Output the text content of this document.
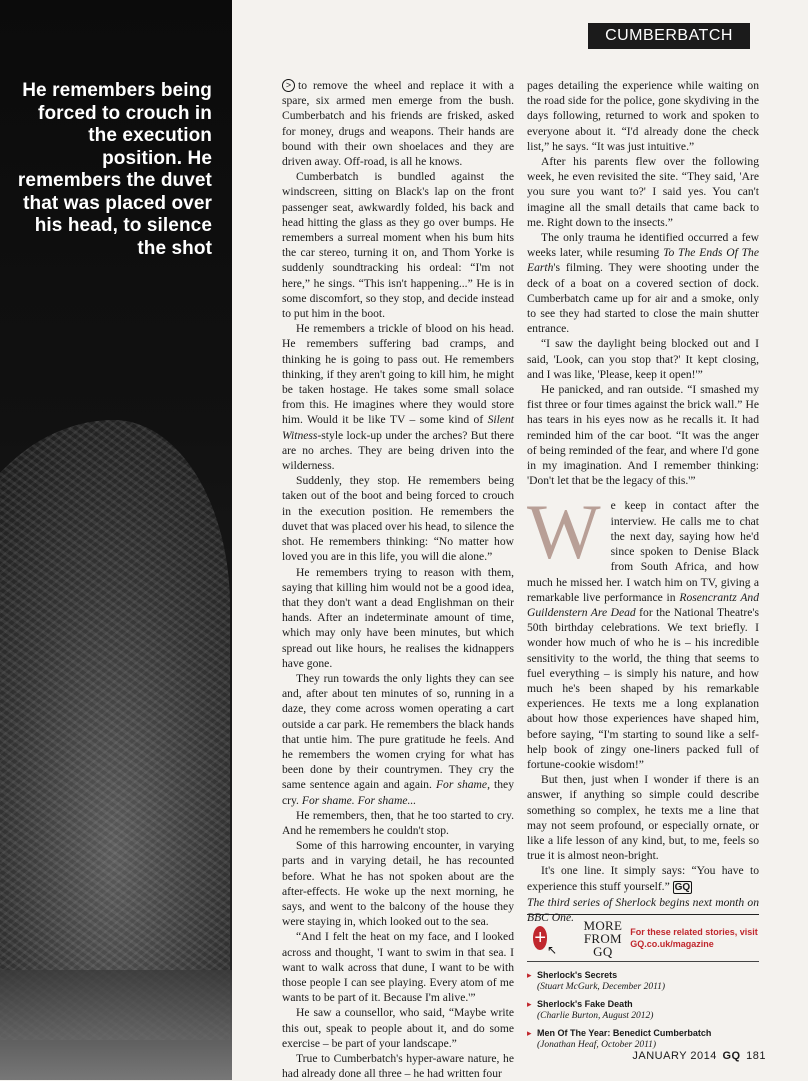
He remembers being forced to crouch in the execution position. He remembers the duvet that was placed over his head, to silence the shot
CUMBERBATCH

> to remove the wheel and replace it with a spare, six armed men emerge from the bush. Cumberbatch and his friends are frisked, asked for money, drugs and weapons. Their hands are bound with their own shoelaces and they are driven away. Off-road, is all he knows.

Cumberbatch is bundled against the windscreen, sitting on Black's lap on the front passenger seat, awkwardly folded, his back and head hitting the glass as they go over bumps. He remembers a surreal moment when his bum hits the car stereo, turning it on, and Thom Yorke is suddenly soundtracking his ordeal: “I'm not here,” he sings. “This isn't happening...” He is in some discomfort, so they stop, and decide instead to put him in the boot.

He remembers a trickle of blood on his head. He remembers suffering bad cramps, and thinking he is going to pass out. He remembers thinking, if they aren't going to kill him, he might be taken hostage. He takes some small solace from this. He imagines where they would store him. Would it be like TV – some kind of Silent Witness-style lock-up under the arches? But there are no arches. They are being driven into the wilderness.

Suddenly, they stop. He remembers being taken out of the boot and being forced to crouch in the execution position. He remembers the duvet that was placed over his head, to silence the shot. He remembers thinking: “No matter how loved you are in this life, you will die alone.”

He remembers trying to reason with them, saying that killing him would not be a good idea, that they don't want a dead Englishman on their hands. After an indeterminate amount of time, which may only have been minutes, but which spread out like hours, he realises the kidnappers have gone.

They run towards the only lights they can see and, after about ten minutes of so, running in a daze, they come across women operating a cart outside a car park. He remembers the black hands that untie him. The pure gratitude he feels. And he remembers the women crying for what has been done by their countrymen. They cry the same sentence again and again. For shame, they cry. For shame. For shame...

He remembers, then, that he too started to cry. And he remembers he couldn't stop.

Some of this harrowing encounter, in varying parts and in varying detail, he has recounted before. What he has not spoken about are the after-effects. He woke up the next morning, he says, and went to the balcony of the house they were staying in, which looked out to the sea.

“And I felt the heat on my face, and I looked across and thought, 'I want to swim in that sea. I want to walk across that dune, I want to be with those people I can see playing. Every atom of me wants to be part of it. Because I'm alive.'”

He saw a counsellor, who said, “Maybe write this out, speak to people about it, and do some exercise – be part of your landscape.”

True to Cumberbatch's hyper-aware nature, he had already done all three – he had written four

pages detailing the experience while waiting on the road side for the police, gone skydiving in the days following, returned to work and spoken to everyone about it. “I'd already done the check list,” he says. “It was just intuitive.”

After his parents flew over the following week, he even revisited the site. “They said, 'Are you sure you want to?' I said yes. You can't imagine all the small details that came back to me. Right down to the insects.”

The only trauma he identified occurred a few weeks later, while resuming To The Ends Of The Earth's filming. They were shooting under the deck of a boat on a covered section of dock. Cumberbatch came up for air and a smoke, only to see they had started to close the main shutter entrance.

“I saw the daylight being blocked out and I said, 'Look, can you stop that?' It kept closing, and I was like, 'Please, keep it open!'”

He panicked, and ran outside. “I smashed my fist three or four times against the brick wall.” He has tears in his eyes now as he recalls it. It had reminded him of the car boot. “It was the anger of being reminded of the fear, and where I'd gone in my imagination. And I remember thinking: 'Don't let that be the legacy of this.'”

We keep in contact after the interview. He calls me to chat the next day, saying how he'd since spoken to Denise Black from South Africa, and how much he missed her. I watch him on TV, giving a remarkable live performance in Rosencrantz And Guildenstern Are Dead for the National Theatre's 50th birthday celebrations. We text briefly. I wonder how much of who he is – his incredible sensitivity to the world, the thing that seems to fuel everything – is simply his nature, and how much he's been shaped by his remarkable experiences. He texts me a long explanation about how those experiences have shaped him, before saying, “I'm starting to sound like a self-help book of zingy one-liners packed full of fortune-cookie wisdom!”

But then, just when I wonder if there is an answer, if anything so simple could describe something so complex, he texts me a line that may not seem profound, or especially ornate, or like a life lesson of any kind, but, to me, feels so true it is almost neon-bright.

It's one line. It simply says: “You have to experience this stuff yourself.” GQ

The third series of Sherlock begins next month on BBC One.

+
↖
MORE FROM GQ
For these related stories, visit GQ.co.uk/magazine
▸ Sherlock's Secrets
(Stuart McGurk, December 2011)
▸ Sherlock's Fake Death
(Charlie Burton, August 2012)
▸ Men Of The Year: Benedict Cumberbatch
(Jonathan Heaf, October 2011)
JANUARY 2014 GQ 181
